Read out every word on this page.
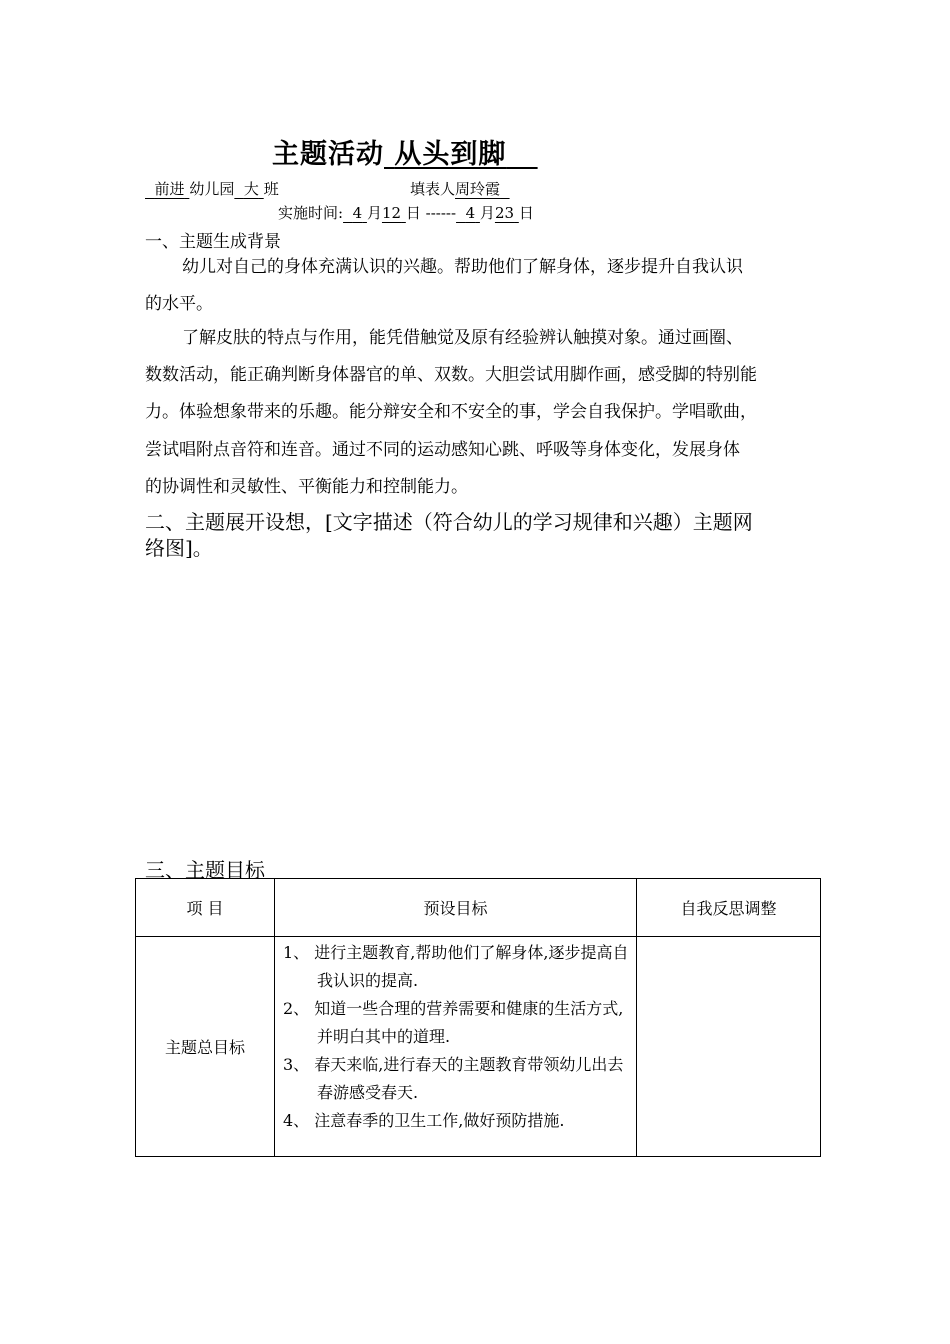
主题活动 从头到脚
前进 幼儿园 大 班	填表人周玲霞
实施时间: 4 月12 日 ------ 4 月23 日
一、主题生成背景
幼儿对自己的身体充满认识的兴趣。帮助他们了解身体，逐步提升自我认识
的水平。
了解皮肤的特点与作用，能凭借触觉及原有经验辨认触摸对象。通过画圈、
数数活动，能正确判断身体器官的单、双数。大胆尝试用脚作画，感受脚的特别能
力。体验想象带来的乐趣。能分辩安全和不安全的事，学会自我保护。学唱歌曲，
尝试唱附点音符和连音。通过不同的运动感知心跳、呼吸等身体变化，发展身体
的协调性和灵敏性、平衡能力和控制能力。
二、主题展开设想，[文字描述（符合幼儿的学习规律和兴趣）主题网
络图]。
三、主题目标
项 目	预设目标	自我反思调整
主题总目标	1、 进行主题教育,帮助他们了解身体,逐步提高自我认识的提高.
2、 知道一些合理的营养需要和健康的生活方式,并明白其中的道理.
3、 春天来临,进行春天的主题教育带领幼儿出去春游感受春天.
4、 注意春季的卫生工作,做好预防措施.	
